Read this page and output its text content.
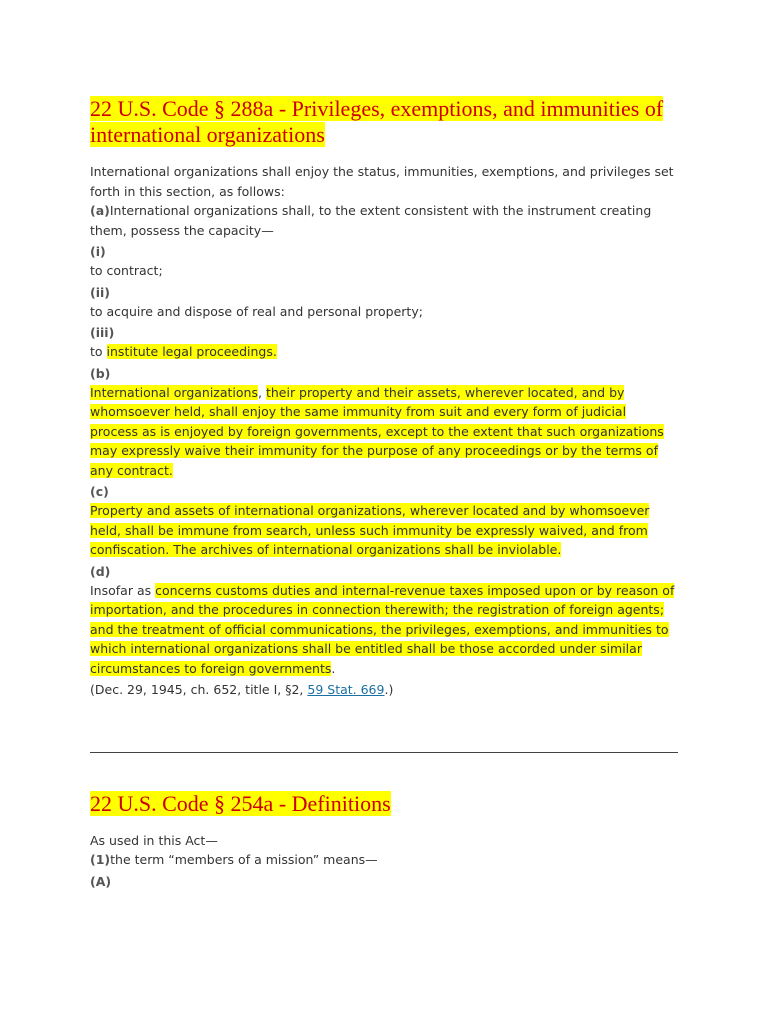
22 U.S. Code § 288a - Privileges, exemptions, and immunities of international organizations

International organizations shall enjoy the status, immunities, exemptions, and privileges set forth in this section, as follows:

(a)International organizations shall, to the extent consistent with the instrument creating them, possess the capacity—

(i)

to contract;

(ii)

to acquire and dispose of real and personal property;

(iii)

to institute legal proceedings.

(b)

International organizations, their property and their assets, wherever located, and by whomsoever held, shall enjoy the same immunity from suit and every form of judicial process as is enjoyed by foreign governments, except to the extent that such organizations may expressly waive their immunity for the purpose of any proceedings or by the terms of any contract.

(c)

Property and assets of international organizations, wherever located and by whomsoever held, shall be immune from search, unless such immunity be expressly waived, and from confiscation. The archives of international organizations shall be inviolable.

(d)

Insofar as concerns customs duties and internal-revenue taxes imposed upon or by reason of importation, and the procedures in connection therewith; the registration of foreign agents; and the treatment of official communications, the privileges, exemptions, and immunities to which international organizations shall be entitled shall be those accorded under similar circumstances to foreign governments.

(Dec. 29, 1945, ch. 652, title I, §2, 59 Stat. 669.)

22 U.S. Code § 254a - Definitions

As used in this Act—

(1)the term “members of a mission” means—

(A)
